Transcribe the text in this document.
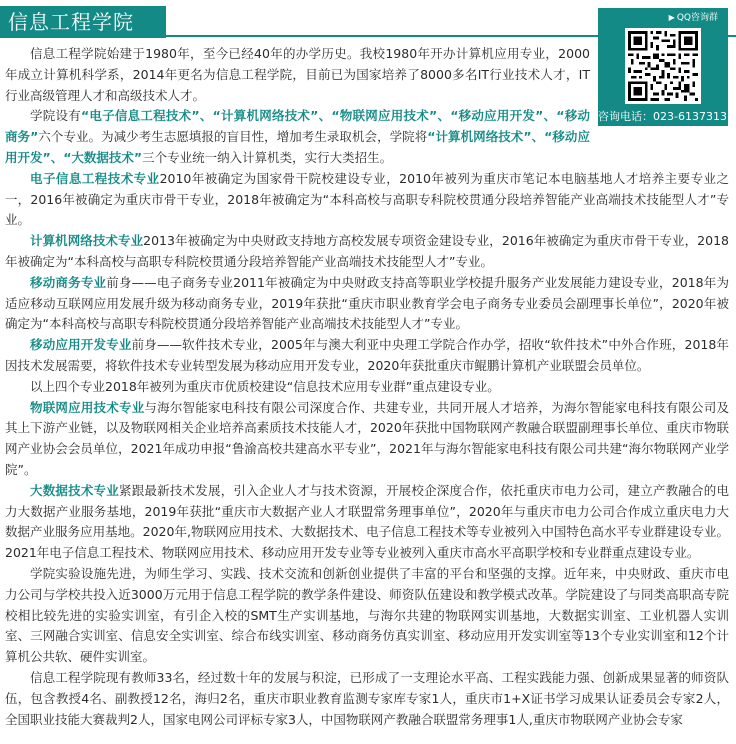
信息工程学院	▶ QQ咨询群
咨询电话：023-61373131

信息工程学院始建于1980年，至今已经40年的办学历史。我校1980年开办计算机应用专业，2000年成立计算机科学系，2014年更名为信息工程学院，目前已为国家培养了8000多名IT行业技术人才，IT行业高级管理人才和高级技术人才。

学院设有“电子信息工程技术”、“计算机网络技术”、“物联网应用技术”、“移动应用开发”、“移动商务”六个专业。为减少考生志愿填报的盲目性，增加考生录取机会，学院将“计算机网络技术”、“移动应用开发”、“大数据技术”三个专业统一纳入计算机类，实行大类招生。

电子信息工程技术专业2010年被确定为国家骨干院校建设专业，2010年被列为重庆市笔记本电脑基地人才培养主要专业之一，2016年被确定为重庆市骨干专业，2018年被确定为“本科高校与高职专科院校贯通分段培养智能产业高端技术技能型人才”专业。

计算机网络技术专业2013年被确定为中央财政支持地方高校发展专项资金建设专业，2016年被确定为重庆市骨干专业，2018年被确定为“本科高校与高职专科院校贯通分段培养智能产业高端技术技能型人才”专业。

移动商务专业前身——电子商务专业2011年被确定为中央财政支持高等职业学校提升服务产业发展能力建设专业，2018年为适应移动互联网应用发展升级为移动商务专业，2019年获批“重庆市职业教育学会电子商务专业委员会副理事长单位”，2020年被确定为“本科高校与高职专科院校贯通分段培养智能产业高端技术技能型人才”专业。

移动应用开发专业前身——软件技术专业，2005年与澳大利亚中央理工学院合作办学，招收“软件技术”中外合作班，2018年因技术发展需要，将软件技术专业转型发展为移动应用开发专业，2020年获批重庆市鲲鹏计算机产业联盟会员单位。

以上四个专业2018年被列为重庆市优质校建设“信息技术应用专业群”重点建设专业。

物联网应用技术专业与海尔智能家电科技有限公司深度合作、共建专业，共同开展人才培养，为海尔智能家电科技有限公司及其上下游产业链，以及物联网相关企业培养高素质技术技能人才，2020年获批中国物联网产教融合联盟副理事长单位、重庆市物联网产业协会会员单位，2021年成功申报“鲁渝高校共建高水平专业”，2021年与海尔智能家电科技有限公司共建“海尔物联网产业学院”。

大数据技术专业紧跟最新技术发展，引入企业人才与技术资源，开展校企深度合作，依托重庆市电力公司，建立产教融合的电力大数据产业服务基地，2019年获批“重庆市大数据产业人才联盟常务理事单位”，2020年与重庆市电力公司合作成立重庆电力大数据产业服务应用基地。2020年,物联网应用技术、大数据技术、电子信息工程技术等专业被列入中国特色高水平专业群建设专业。2021年电子信息工程技术、物联网应用技术、移动应用开发专业等专业被列入重庆市高水平高职学校和专业群重点建设专业。

学院实验设施先进，为师生学习、实践、技术交流和创新创业提供了丰富的平台和坚强的支撑。近年来，中央财政、重庆市电力公司与学校共投入近3000万元用于信息工程学院的教学条件建设、师资队伍建设和教学模式改革。学院建设了与同类高职高专院校相比较先进的实验实训室，有引企入校的SMT生产实训基地，与海尔共建的物联网实训基地，大数据实训室、工业机器人实训室、三网融合实训室、信息安全实训室、综合布线实训室、移动商务仿真实训室、移动应用开发实训室等13个专业实训室和12个计算机公共软、硬件实训室。

信息工程学院现有教师33名，经过数十年的发展与积淀，已形成了一支理论水平高、工程实践能力强、创新成果显著的师资队伍，包含教授4名、副教授12名，海归2名，重庆市职业教育监测专家库专家1人，重庆市1+X证书学习成果认证委员会专家2人，全国职业技能大赛裁判2人，国家电网公司评标专家3人，中国物联网产教融合联盟常务理事1人,重庆市物联网产业协会专家
